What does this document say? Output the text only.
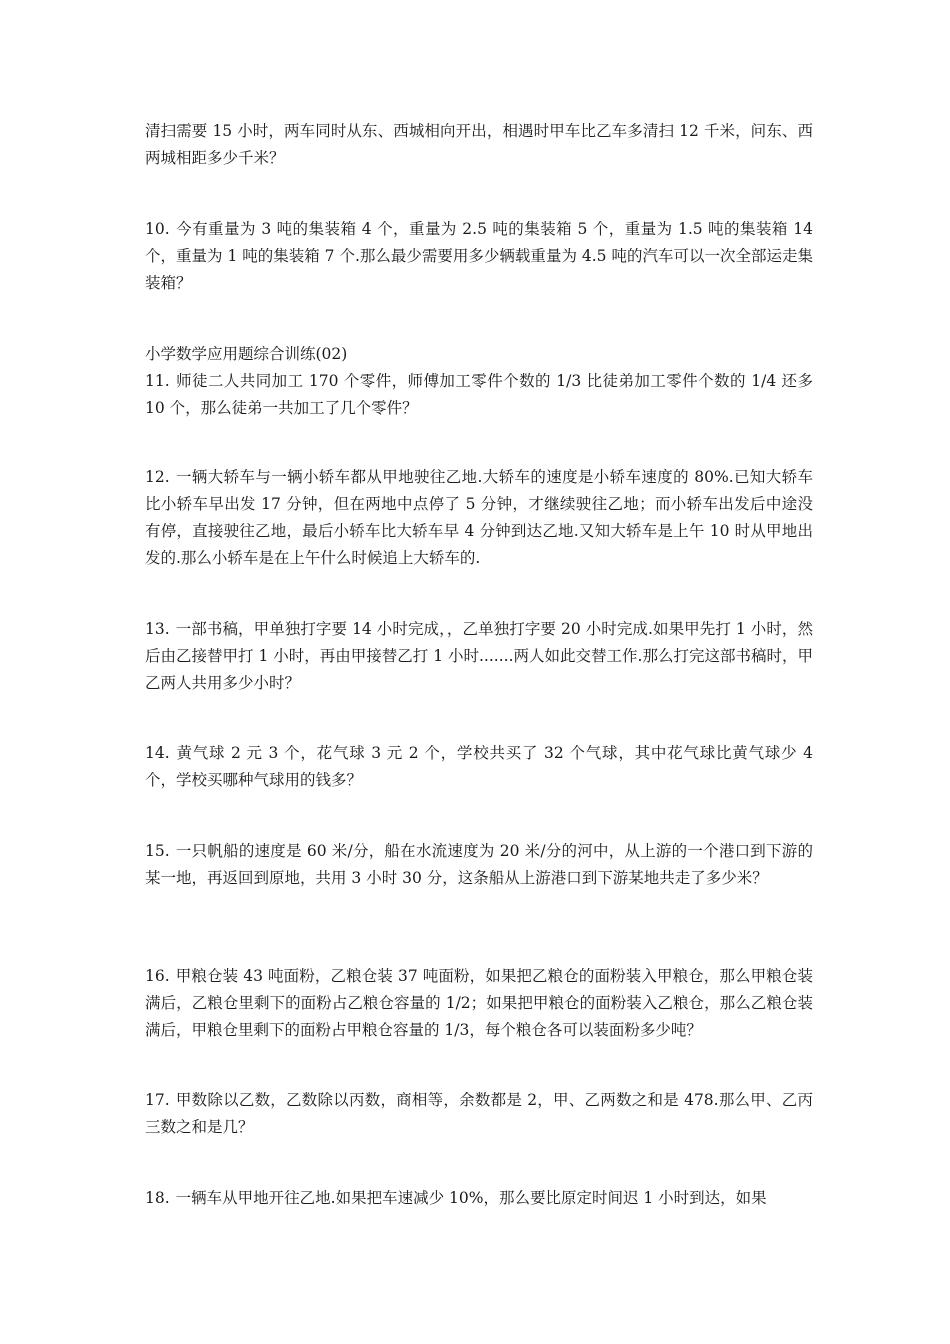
清扫需要 15 小时，两车同时从东、西城相向开出，相遇时甲车比乙车多清扫 12 千米，问东、西两城相距多少千米？

10. 今有重量为 3 吨的集装箱 4 个，重量为 2.5 吨的集装箱 5 个，重量为 1.5 吨的集装箱 14 个，重量为 1 吨的集装箱 7 个.那么最少需要用多少辆载重量为 4.5 吨的汽车可以一次全部运走集装箱？

小学数学应用题综合训练(02)

11. 师徒二人共同加工 170 个零件，师傅加工零件个数的 1/3 比徒弟加工零件个数的 1/4 还多 10 个，那么徒弟一共加工了几个零件？

12. 一辆大轿车与一辆小轿车都从甲地驶往乙地.大轿车的速度是小轿车速度的 80%.已知大轿车比小轿车早出发 17 分钟，但在两地中点停了 5 分钟，才继续驶往乙地；而小轿车出发后中途没有停，直接驶往乙地，最后小轿车比大轿车早 4 分钟到达乙地.又知大轿车是上午 10 时从甲地出发的.那么小轿车是在上午什么时候追上大轿车的.

13. 一部书稿，甲单独打字要 14 小时完成，，乙单独打字要 20 小时完成.如果甲先打 1 小时，然后由乙接替甲打 1 小时，再由甲接替乙打 1 小时.......两人如此交替工作.那么打完这部书稿时，甲乙两人共用多少小时？

14. 黄气球 2 元 3 个，花气球 3 元 2 个，学校共买了 32 个气球，其中花气球比黄气球少 4 个，学校买哪种气球用的钱多？

15. 一只帆船的速度是 60 米/分，船在水流速度为 20 米/分的河中，从上游的一个港口到下游的某一地，再返回到原地，共用 3 小时 30 分，这条船从上游港口到下游某地共走了多少米？

16. 甲粮仓装 43 吨面粉，乙粮仓装 37 吨面粉，如果把乙粮仓的面粉装入甲粮仓，那么甲粮仓装满后，乙粮仓里剩下的面粉占乙粮仓容量的 1/2；如果把甲粮仓的面粉装入乙粮仓，那么乙粮仓装满后，甲粮仓里剩下的面粉占甲粮仓容量的 1/3，每个粮仓各可以装面粉多少吨？

17. 甲数除以乙数，乙数除以丙数，商相等，余数都是 2，甲、乙两数之和是 478.那么甲、乙丙三数之和是几？

18. 一辆车从甲地开往乙地.如果把车速减少 10%，那么要比原定时间迟 1 小时到达，如果
